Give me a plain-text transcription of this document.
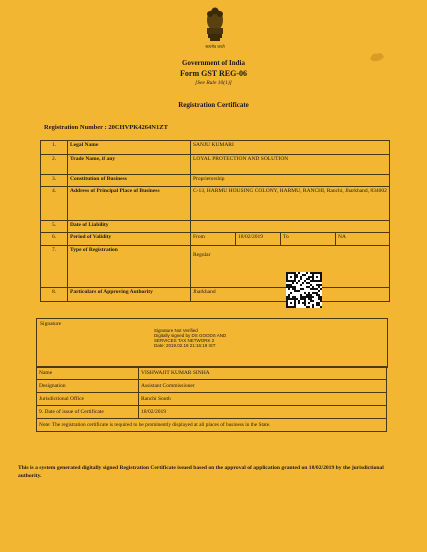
सत्यमेव जयते
Government of India
Form GST REG-06
[See Rule 10(1)]
Registration Certificate
Registration Number : 20CHVPK4264N1ZT
1.	Legal Name	SANJU KUMARI
2.	Trade Name, if any	LOYAL PROTECTION AND SOLUTION
3.	Constitution of Business	Proprietorship
4.	Address of Principal Place of Business	C-13, HARMU HOUSING COLONY, HARMU, RANCHI, Ranchi, Jharkhand, 834002
5.	Date of Liability	
6.	Period of Validity		From	18/02/2019	To	NA

7.	Type of Registration	Regular
8.	Particulars of Approving Authority	Jharkhand
Signature
Signature Not Verified
Digitally signed by DS GOODS AND
SERVICES TAX NETWORK 2
Date: 2019.02.18 21:16:19 IST
Name	VISHWAJIT KUMAR SINHA
Designation	Assistant Commissioner
Jurisdictional Office	Ranchi South
9. Date of issue of Certificate	18/02/2019
Note: The registration certificate is required to be prominently displayed at all places of business in the State.	
This is a system generated digitally signed Registration Certificate issued based on the approval of application granted on 18/02/2019 by the jurisdictional authority.
